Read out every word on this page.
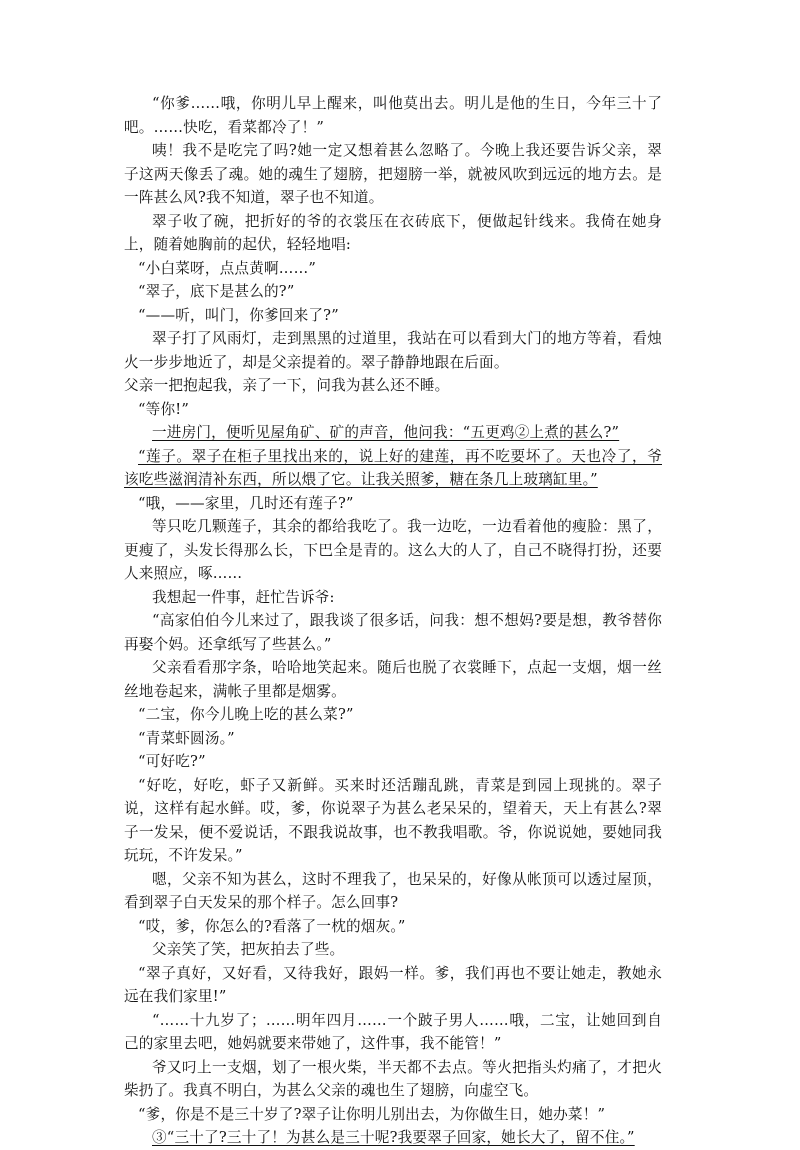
“你爹……哦，你明儿早上醒来，叫他莫出去。明儿是他的生日，今年三十了吧。……快吃，看菜都冷了！”

咦！我不是吃完了吗?她一定又想着甚么忽略了。今晚上我还要告诉父亲，翠子这两天像丢了魂。她的魂生了翅膀，把翅膀一举，就被风吹到远远的地方去。是一阵甚么风?我不知道，翠子也不知道。

翠子收了碗，把折好的爷的衣裳压在衣砖底下，便做起针线来。我倚在她身上，随着她胸前的起伏，轻轻地唱:

“小白菜呀，点点黄啊……”

“翠子，底下是甚么的?”

“——听，叫门，你爹回来了?”

翠子打了风雨灯，走到黑黑的过道里，我站在可以看到大门的地方等着，看烛火一步步地近了，却是父亲提着的。翠子静静地跟在后面。

父亲一把抱起我，亲了一下，问我为甚么还不睡。

“等你!”

一进房门，便听见屋角矿、矿的声音，他问我：“五更鸡②上煮的甚么?”

“莲子。翠子在柜子里找出来的，说上好的建莲，再不吃要坏了。天也冷了，爷该吃些滋润清补东西，所以煨了它。让我关照爹，糖在条几上玻璃缸里。”

“哦，——家里，几时还有莲子?”

等只吃几颗莲子，其余的都给我吃了。我一边吃，一边看着他的瘦脸：黑了，更瘦了，头发长得那么长，下巴全是青的。这么大的人了，自己不晓得打扮，还要人来照应，啄……

我想起一件事，赶忙告诉爷:

“高家伯伯今儿来过了，跟我谈了很多话，问我：想不想妈?要是想，教爷替你再娶个妈。还拿纸写了些甚么。”

父亲看看那字条，哈哈地笑起来。随后也脱了衣裳睡下，点起一支烟，烟一丝丝地卷起来，满帐子里都是烟雾。

“二宝，你今儿晚上吃的甚么菜?”

“青菜虾圆汤。”

“可好吃?”

“好吃，好吃，虾子又新鲜。买来时还活蹦乱跳，青菜是到园上现挑的。翠子说，这样有起水鲜。哎，爹，你说翠子为甚么老呆呆的，望着天，天上有甚么?翠子一发呆，便不爱说话，不跟我说故事，也不教我唱歌。爷，你说说她，要她同我玩玩，不许发呆。”

嗯，父亲不知为甚么，这时不理我了，也呆呆的，好像从帐顶可以透过屋顶，看到翠子白天发呆的那个样子。怎么回事?

“哎，爹，你怎么的?看落了一枕的烟灰。”

父亲笑了笑，把灰拍去了些。

“翠子真好，又好看，又待我好，跟妈一样。爹，我们再也不要让她走，教她永远在我们家里!”

“……十九岁了；……明年四月……一个跛子男人……哦，二宝，让她回到自己的家里去吧，她妈就要来带她了，这件事，我不能管！”

爷又叼上一支烟，划了一根火柴，半天都不去点。等火把指头灼痛了，才把火柴扔了。我真不明白，为甚么父亲的魂也生了翅膀，向虚空飞。

“爹，你是不是三十岁了?翠子让你明儿别出去，为你做生日，她办菜！”

③“三十了?三十了！为甚么是三十呢?我要翠子回家，她长大了，留不住。”
